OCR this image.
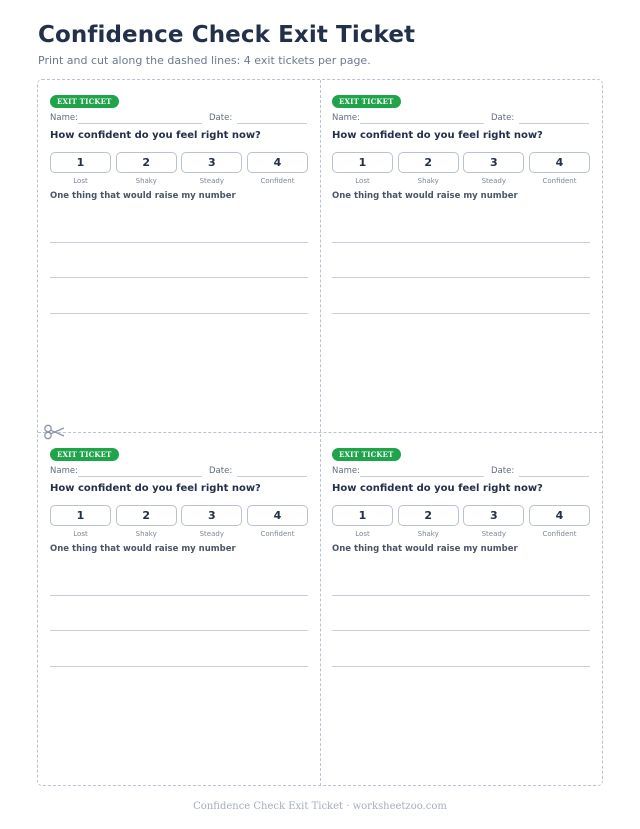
Confidence Check Exit Ticket
Print and cut along the dashed lines: 4 exit tickets per page.
EXIT TICKET
Name:	Date:
How confident do you feel right now?
1	2	3	4
Lost	Shaky	Steady	Confident
One thing that would raise my number
EXIT TICKET
Name:	Date:
How confident do you feel right now?
1	2	3	4
Lost	Shaky	Steady	Confident
One thing that would raise my number
EXIT TICKET
Name:	Date:
How confident do you feel right now?
1	2	3	4
Lost	Shaky	Steady	Confident
One thing that would raise my number
EXIT TICKET
Name:	Date:
How confident do you feel right now?
1	2	3	4
Lost	Shaky	Steady	Confident
One thing that would raise my number
Confidence Check Exit Ticket · worksheetzoo.com
